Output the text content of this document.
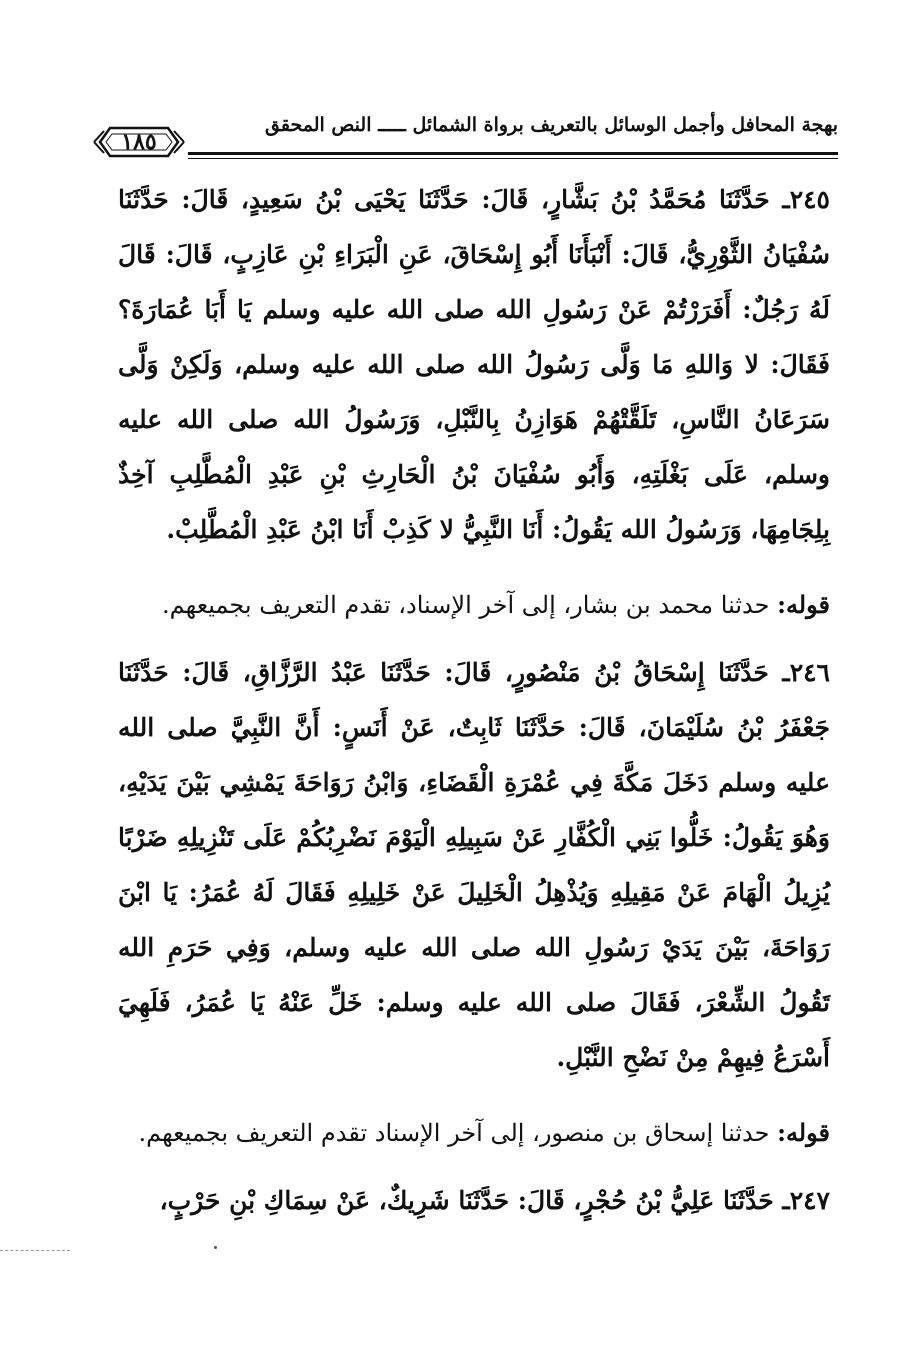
بهجة المحافل وأجمل الوسائل بالتعريف برواة الشمائل ـــــ النص المحقق
١٨٥

٢٤٥ـ حَدَّثَنَا مُحَمَّدُ بْنُ بَشَّارٍ، قَالَ: حَدَّثَنَا يَحْيَى بْنُ سَعِيدٍ، قَالَ: حَدَّثَنَا سُفْيَانُ الثَّوْرِيُّ، قَالَ: أَنْبَأَنَا أَبُو إِسْحَاقَ، عَنِ الْبَرَاءِ بْنِ عَازِبٍ، قَالَ: قَالَ لَهُ رَجُلٌ: أَفَرَرْتُمْ عَنْ رَسُولِ الله صلى الله عليه وسلم يَا أَبَا عُمَارَةَ؟ فَقَالَ: لا وَاللهِ مَا وَلَّى رَسُولُ الله صلى الله عليه وسلم، وَلَكِنْ وَلَّى سَرَعَانُ النَّاسِ، تَلَقَّتْهُمْ هَوَازِنُ بِالنَّبْلِ، وَرَسُولُ الله صلى الله عليه وسلم، عَلَى بَغْلَتِهِ، وَأَبُو سُفْيَانَ بْنُ الْحَارِثِ بْنِ عَبْدِ الْمُطَّلِبِ آخِذٌ بِلِجَامِهَا، وَرَسُولُ الله يَقُولُ: أَنَا النَّبِيُّ لا كَذِبْ أَنَا ابْنُ عَبْدِ الْمُطَّلِبْ.

قوله: حدثنا محمد بن بشار، إلى آخر الإسناد، تقدم التعريف بجميعهم.

٢٤٦ـ حَدَّثَنَا إِسْحَاقُ بْنُ مَنْصُورٍ، قَالَ: حَدَّثَنَا عَبْدُ الرَّزَّاقِ، قَالَ: حَدَّثَنَا جَعْفَرُ بْنُ سُلَيْمَانَ، قَالَ: حَدَّثَنَا ثَابِتٌ، عَنْ أَنَسٍ: أَنَّ النَّبِيَّ صلى الله عليه وسلم دَخَلَ مَكَّةَ فِي عُمْرَةِ الْقَضَاءِ، وَابْنُ رَوَاحَةَ يَمْشِي بَيْنَ يَدَيْهِ، وَهُوَ يَقُولُ: خَلُّوا بَنِي الْكُفَّارِ عَنْ سَبِيلِهِ الْيَوْمَ نَضْرِبُكُمْ عَلَى تَنْزِيلِهِ ضَرْبًا يُزِيلُ الْهَامَ عَنْ مَقِيلِهِ وَيُذْهِلُ الْخَلِيلَ عَنْ خَلِيلِهِ فَقَالَ لَهُ عُمَرُ: يَا ابْنَ رَوَاحَةَ، بَيْنَ يَدَيْ رَسُولِ الله صلى الله عليه وسلم، وَفِي حَرَمِ الله تَقُولُ الشِّعْرَ، فَقَالَ صلى الله عليه وسلم: خَلِّ عَنْهُ يَا عُمَرُ، فَلَهِيَ أَسْرَعُ فِيهِمْ مِنْ نَضْحِ النَّبْلِ.

قوله: حدثنا إسحاق بن منصور، إلى آخر الإسناد تقدم التعريف بجميعهم.

٢٤٧ـ حَدَّثَنَا عَلِيُّ بْنُ حُجْرٍ، قَالَ: حَدَّثَنَا شَرِيكٌ، عَنْ سِمَاكِ بْنِ حَرْبٍ،
